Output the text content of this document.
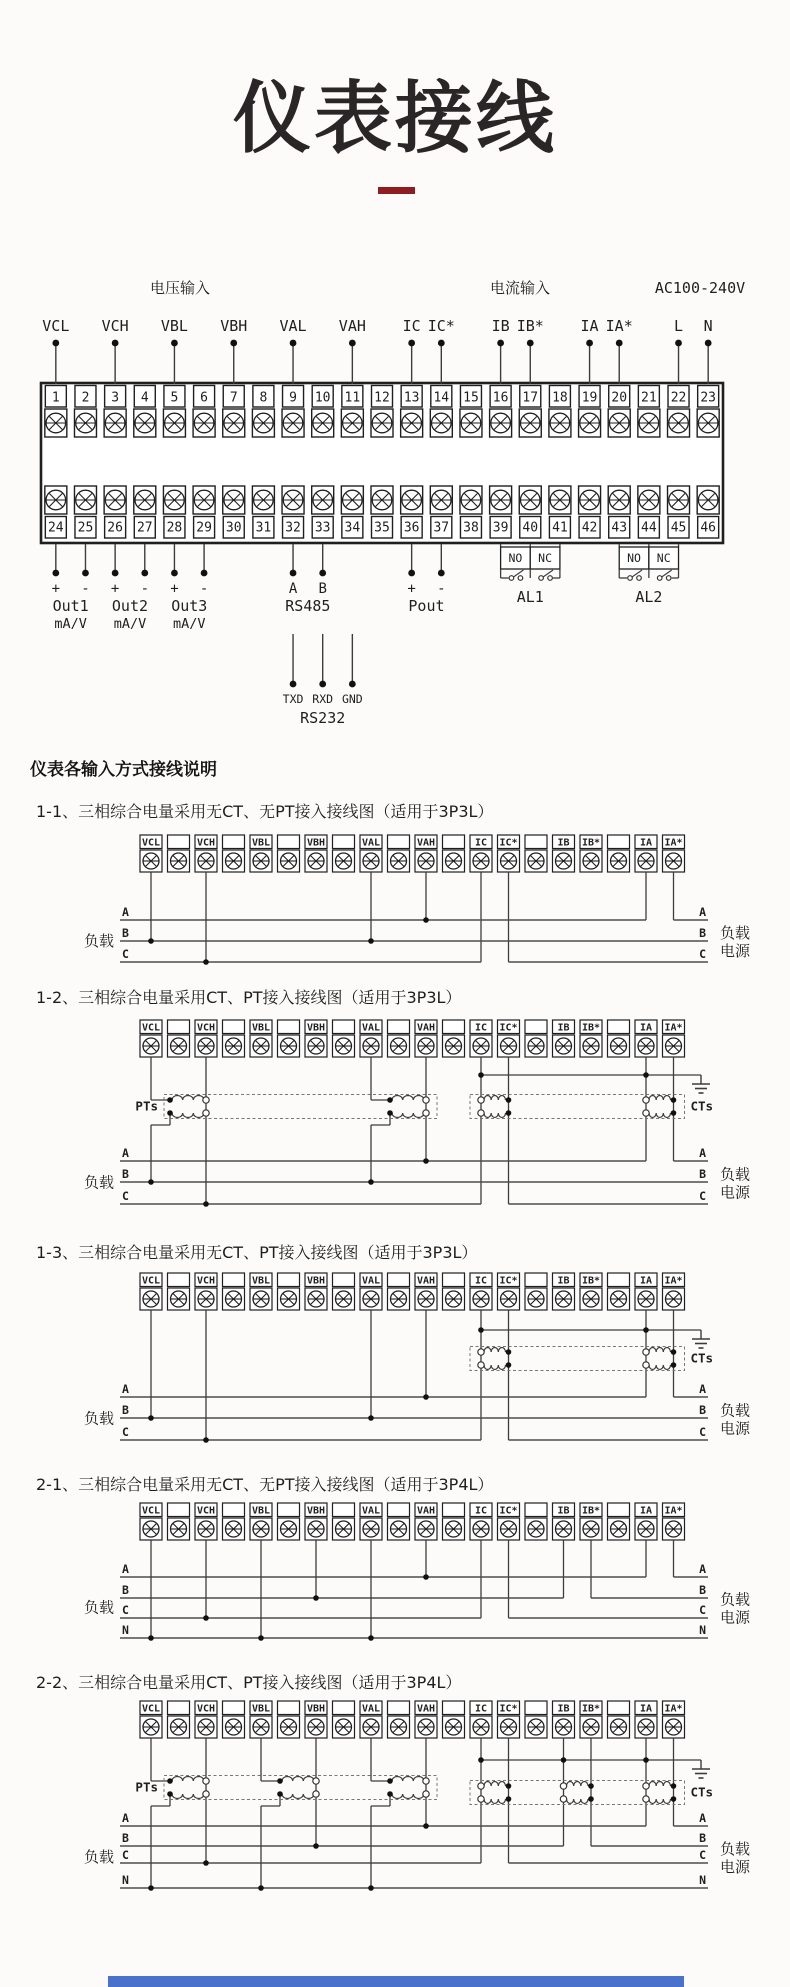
仪表接线
电压输入	电流输入	AC100-240V
1 2 3 4 5 6 7 8 9 10 11 12 13 14 15 16 17 18 19 20 21 22 23
24 25 26 27 28 29 30 31 32 33 34 35 36 37 38 39 40 41 42 43 44 45 46
VCL VCH VBL VBH VAL VAH IC IC* IB IB* IA IA*	L N
+ -
Out1
mA/V
+ -
Out2
mA/V
+ -
Out3
mA/V
A B
RS485
TXD RXD GND
RS232
+ -
Pout
NO NC
AL1
NO NC
AL2
VCL	VCH	VBL	VBH	VAL	VAH	IC IC*	IB IB*	IA IA*
A	A
B	B
C	C
负载	负载
电源
VCL	VCH	VBL	VBH	VAL	VAH	IC IC*	IB IB*	IA IA*
A	A
B	B
C	C
PTs	CTs
负载	负载
电源
VCL	VCH	VBL	VBH	VAL	VAH	IC IC*	IB IB*	IA IA*
A	A
B	B
C	C
CTs
负载	负载
电源
VCL	VCH	VBL	VBH	VAL	VAH	IC IC*	IB IB*	IA IA*
A	A
B	B
C	C
N	N
负载	负载
电源
VCL	VCH	VBL	VBH	VAL	VAH	IC IC*	IB IB*	IA IA*
A	A
B	B
C	C
N	N
PTs	CTs
负载	负载
电源
仪表各输入方式接线说明
1-1、三相综合电量采用无CT、无PT接入接线图（适用于3P3L）
1-2、三相综合电量采用CT、PT接入接线图（适用于3P3L）
1-3、三相综合电量采用无CT、PT接入接线图（适用于3P3L）
2-1、三相综合电量采用无CT、无PT接入接线图（适用于3P4L）
2-2、三相综合电量采用CT、PT接入接线图（适用于3P4L）
